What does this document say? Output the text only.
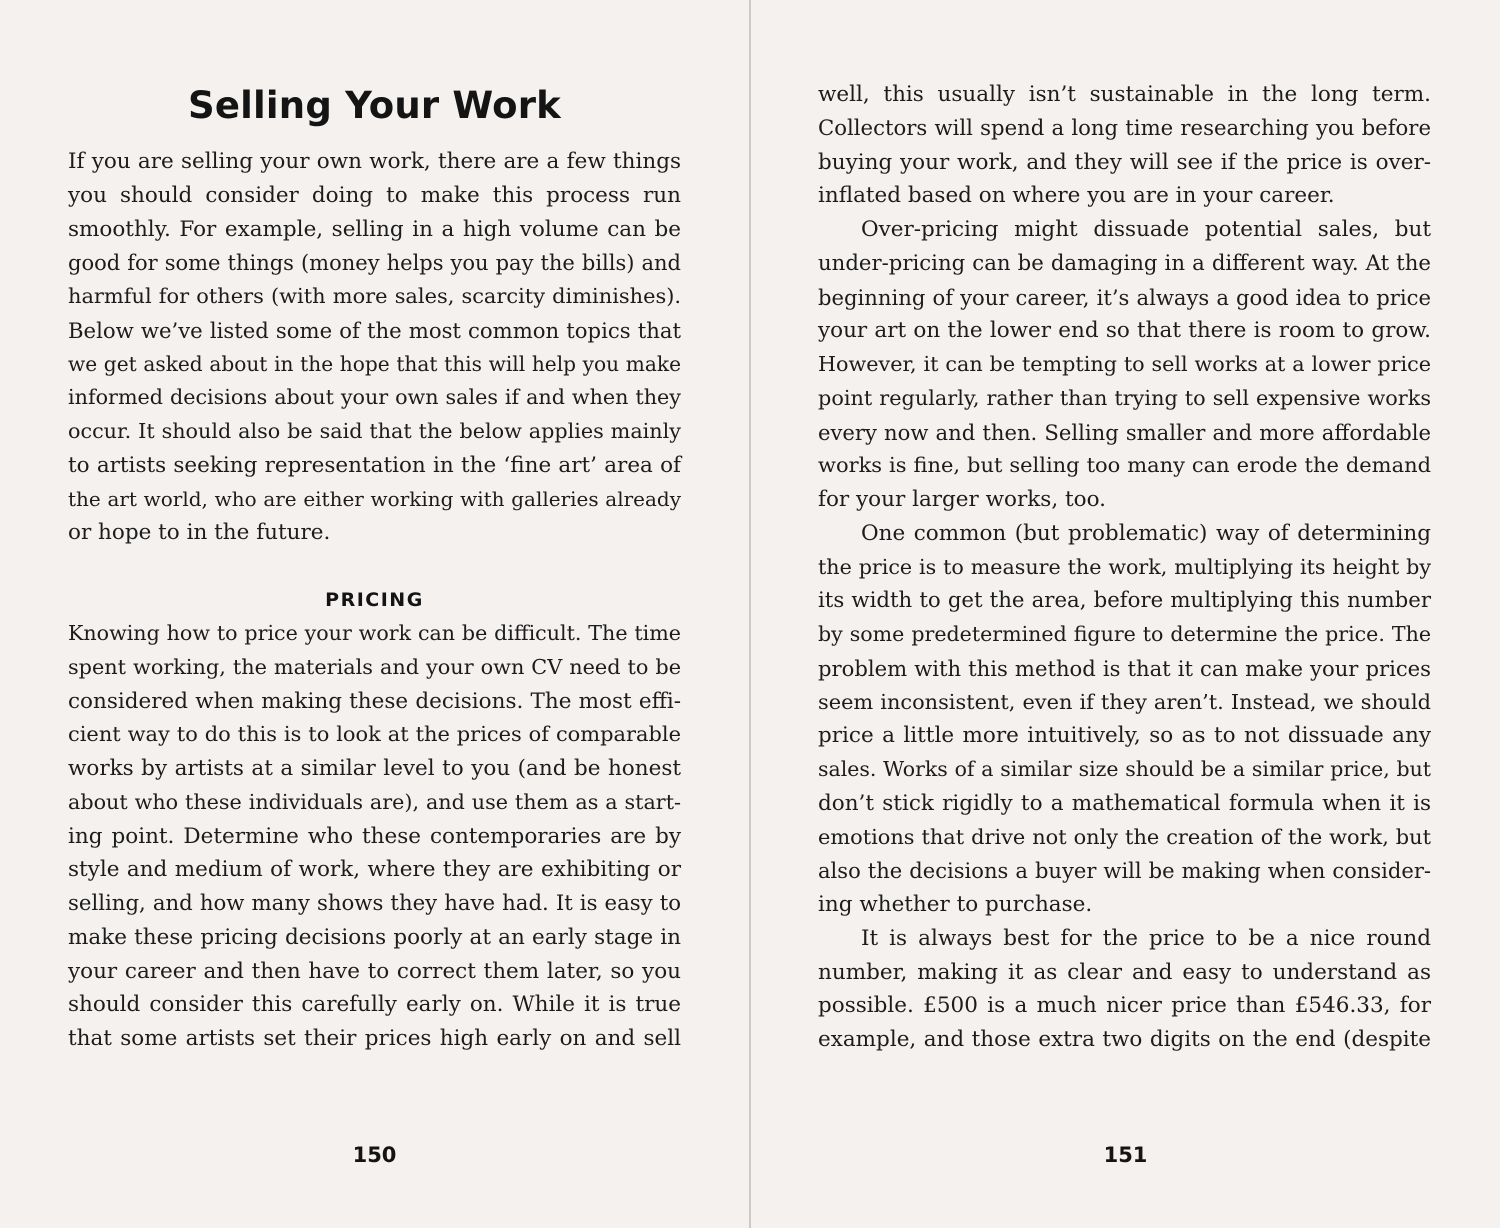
Selling Your Work
If you are selling your own work, there are a few things
you should consider doing to make this process run
smoothly. For example, selling in a high volume can be
good for some things (money helps you pay the bills) and
harmful for others (with more sales, scarcity diminishes).
Below we’ve listed some of the most common topics that
we get asked about in the hope that this will help you make
informed decisions about your own sales if and when they
occur. It should also be said that the below applies mainly
to artists seeking representation in the ‘fine art’ area of
the art world, who are either working with galleries already
or hope to in the future.
PRICING
Knowing how to price your work can be difficult. The time
spent working, the materials and your own CV need to be
considered when making these decisions. The most effi-
cient way to do this is to look at the prices of comparable
works by artists at a similar level to you (and be honest
about who these individuals are), and use them as a start-
ing point. Determine who these contemporaries are by
style and medium of work, where they are exhibiting or
selling, and how many shows they have had. It is easy to
make these pricing decisions poorly at an early stage in
your career and then have to correct them later, so you
should consider this carefully early on. While it is true
that some artists set their prices high early on and sell
150
well, this usually isn’t sustainable in the long term.
Collectors will spend a long time researching you before
buying your work, and they will see if the price is over-
inflated based on where you are in your career.
Over-pricing might dissuade potential sales, but
under-pricing can be damaging in a different way. At the
beginning of your career, it’s always a good idea to price
your art on the lower end so that there is room to grow.
However, it can be tempting to sell works at a lower price
point regularly, rather than trying to sell expensive works
every now and then. Selling smaller and more affordable
works is fine, but selling too many can erode the demand
for your larger works, too.
One common (but problematic) way of determining
the price is to measure the work, multiplying its height by
its width to get the area, before multiplying this number
by some predetermined figure to determine the price. The
problem with this method is that it can make your prices
seem inconsistent, even if they aren’t. Instead, we should
price a little more intuitively, so as to not dissuade any
sales. Works of a similar size should be a similar price, but
don’t stick rigidly to a mathematical formula when it is
emotions that drive not only the creation of the work, but
also the decisions a buyer will be making when consider-
ing whether to purchase.
It is always best for the price to be a nice round
number, making it as clear and easy to understand as
possible. £500 is a much nicer price than £546.33, for
example, and those extra two digits on the end (despite
151
